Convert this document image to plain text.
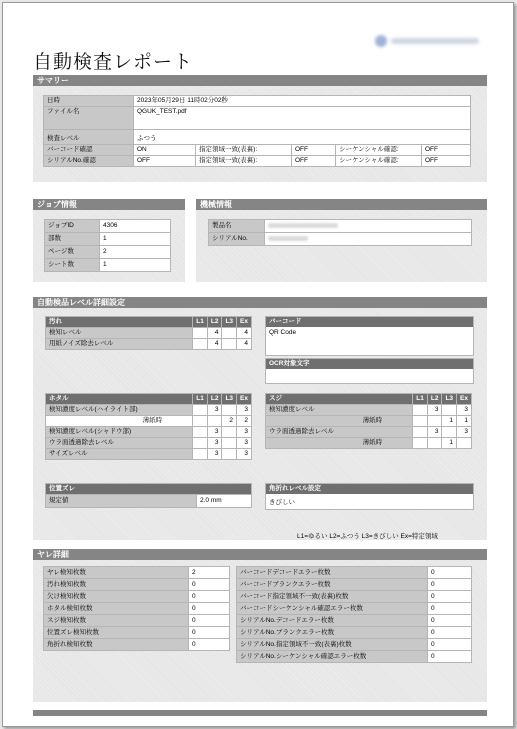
自動検査レポート
サマリー
日時	2023年05月29日 11時02分02秒				
ファイル名	QGUK_TEST.pdf				
検査レベル	ふつう				
バーコード確認	ON	指定領域一致(表裏):	OFF	シーケンシャル確認:	OFF
シリアルNo.確認	OFF	指定領域一致(表裏):	OFF	シーケンシャル確認:	OFF
ジョブ情報
ジョブID	4306
部数	1
ページ数	2
シート数	1
機械情報
製品名	
シリアルNo.	
自動検品レベル詳細設定
汚れ	L1	L2	L3	Ex
検知レベル		4		4
用紙ノイズ除去レベル		4		4
バーコード
QR Code
OCR対象文字
ホタル	L1	L2	L3	Ex
検知濃度レベル(ハイライト部)		3		3
薄紙時			2	2
検知濃度レベル(シャドウ部)		3		3
ウラ面透過除去レベル		3		3
サイズレベル		3		3
スジ	L1	L2	L3	Ex
検知濃度レベル		3		3
薄紙時			1	1
ウラ面透過除去レベル		3		3
薄紙時			1	
位置ズレ
規定値	2.0 mm
角折れレベル設定
きびしい
L1=ゆるい L2=ふつう L3=きびしい Ex=特定領域
ヤレ詳細
ヤレ検知枚数	2
汚れ検知枚数	0
欠け検知枚数	0
ホタル検知枚数	0
スジ検知枚数	0
位置ズレ検知枚数	0
角折れ検知枚数	0
バーコードデコードエラー枚数	0
バーコードブランクエラー枚数	0
バーコード指定領域不一致(表裏)枚数	0
バーコードシーケンシャル確認エラー枚数	0
シリアルNo.デコードエラー枚数	0
シリアルNo.ブランクエラー枚数	0
シリアルNo.指定領域不一致(表裏)枚数	0
シリアルNo.シーケンシャル確認エラー枚数	0
